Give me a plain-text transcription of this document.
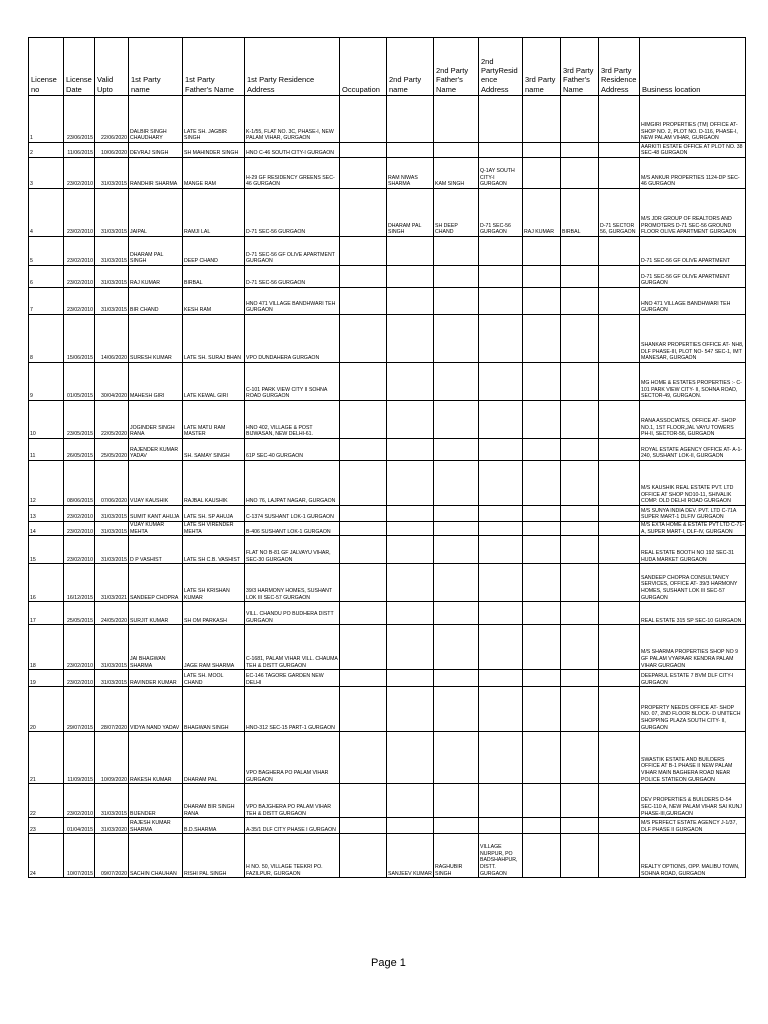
License no	License Date	Valid Upto	1st Party name	1st Party Father's Name	1st Party Residence Address	Occupation	2nd Party name	2nd Party Father's Name	2nd PartyResidence Address	3rd Party name	3rd Party Father's Name	3rd Party Residence Address	Business location
1	23/06/2015	22/06/2020	DALBIR SINGH CHAUDHARY	LATE SH. JAGBIR SINGH	K-1/55, FLAT NO. 3C, PHASE-I, NEW PALAM VIHAR, GURGAON								HIMGIRI PROPERTIES (TM) OFFICE AT- SHOP NO. 2, PLOT NO. D-116, PHASE-I, NEW PALAM VIHAR, GURGAON
2	11/06/2015	10/06/2020	DEVRAJ SINGH	SH MAHINDER SINGH	HNO C-46 SOUTH CITY-I GURGAON								AARKITI ESTATE OFFICE AT PLOT NO. 38 SEC-48 GURGAON
3	23/02/2010	31/03/2015	RANDHIR SHARMA	MANGE RAM	H-29 GF RESIDENCY GREENS SEC-46 GURGAON		RAM NIWAS SHARMA	KAM SINGH	Q-1AY SOUTH CITY-I GURGAON				M/S ANKUR PROPERTIES 1124-DP SEC-46 GURGAON
4	23/02/2010	31/03/2015	JAIPAL	RAMJI LAL	D-71 SEC-56 GURGAON		DHARAM PAL SINGH	SH DEEP CHAND	D-71 SEC-56 GURGAON	RAJ KUMAR	BIRBAL	D-71 SECTOR 56, GURGAON	M/S JDR GROUP OF REALTORS AND PROMOTERS D-71 SEC-56 GROUND FLOOR OLIVE APARTMENT GURGAON
5	23/02/2010	31/03/2015	DHARAM PAL SINGH	DEEP CHAND	D-71 SEC-56 GF OLIVE APARTMENT GURGAON								D-71 SEC-56 GF OLIVE APARTMENT
6	23/02/2010	31/03/2015	RAJ KUMAR	BIRBAL	D-71 SEC-56 GURGAON								D-71 SEC-56 GF OLIVE APARTMENT GURGAON
7	23/02/2010	31/03/2015	BIR CHAND	KESH RAM	HNO 471 VILLAGE BANDHWARI TEH GURGAON								HNO 471 VILLAGE BANDHWARI TEH GURGAON
8	15/06/2015	14/06/2020	SURESH KUMAR	LATE SH. SURAJ BHAN	VPO DUNDAHERA GURGAON								SHANKAR PROPERTIES OFFICE AT- NH8, DLF PHASE-III, PLOT NO- 547 SEC-1, IMT MANESAR, GURGAON
9	01/05/2015	30/04/2020	MAHESH GIRI	LATE KEWAL GIRI	C-101 PARK VIEW CITY II SOHNA ROAD GURGAON								MG HOME & ESTATES PROPERTIES :- C-101 PARK VIEW CITY- II, SOHNA ROAD, SECTOR-49, GURGAON.
10	23/05/2015	22/05/2020	JOGINDER SINGH RANA	LATE MATU RAM MASTER	HNO 402, VILLAGE & POST BIJWASAN, NEW DELHI-61.								RANA ASSOCIATES, OFFICE AT- SHOP NO.1, 1ST FLOOR,JAL VAYU TOWERS PH-II, SECTOR-56, GURGAON
11	26/05/2015	25/05/2020	RAJENDER KUMAR YADAV	SH. SAMAY SINGH	61P SEC-40 GURGAON								ROYAL ESTATE AGENCY OFFICE AT- A-1-240, SUSHANT LOK-II, GURGAON
12	08/06/2015	07/06/2020	VIJAY KAUSHIK	RAJBAL KAUSHIK	HNO 76, LAJPAT NAGAR, GURGAON								M/S KAUSHIK REAL ESTATE PVT. LTD OFFICE AT SHOP NO10-11, SHIVALIK COMP. OLD DELHI ROAD GURGAON
13	23/02/2010	31/03/2015	SUMIT KANT AHUJA	LATE SH. SP AHUJA	C-1374 SUSHANT LOK-1 GURGAON								M/S SUNYA INDIA DEV. PVT. LTD C-71A SUPER MART-1 DLFIV GURGAON
14	23/02/2010	31/03/2015	VIJAY KUMAR MEHTA	LATE SH VIRENDER MEHTA	B-406 SUSHANT LOK-1 GURGAON								M/S EXTA HOME & ESTATE PVT LTD C-71-A, SUPER MART-I, DLF-IV, GURGAON
15	23/02/2010	31/03/2015	D P VASHIST	LATE SH C.B. VASHIST	FLAT NO B-81 GF JALVAYU VIHAR, SEC-30 GURGAON								REAL ESTATE BOOTH NO 192 SEC-31 HUDA MARKET GURGAON
16	16/12/2015	31/03/2021	SANDEEP CHOPRA	LATE SH KRISHAN KUMAR	39/3 HARMONY HOMES, SUSHANT LOK III SEC-57 GURGAON								SANDEEP CHOPRA CONSULTANCY SERVICES, OFFICE AT- 39/3 HARMONY HOMES, SUSHANT LOK III SEC-57 GURGAON
17	25/05/2015	24/05/2020	SURJIT KUMAR	SH OM PARKASH	VILL. CHANDU PO BUDHERA DISTT GURGAON								REAL ESTATE 315 SP SEC-10 GURGAON
18	23/02/2010	31/03/2015	JAI BHAGWAN SHARMA	JAGE RAM SHARMA	C-1681, PALAM VIHAR VILL. CHAUMA TEH & DISTT GURGAON								M/S SHARMA PROPERTIES SHOP NO 9 GF PALAM VYAPAAR KENDRA PALAM VIHAR GURGAON
19	23/02/2010	31/03/2015	RAVINDER KUMAR	LATE SH. MOOL CHAND	EC-146 TAGORE GARDEN NEW DELHI								DEEPARUL ESTATE 7 BVM DLF CITY-I GURGAON
20	29/07/2015	28/07/2020	VIDYA NAND YADAV	BHAGWAN SINGH	HNO-312 SEC-15 PART-1 GURGAON								PROPERTY NEEDS OFFICE AT- SHOP NO. 07, 2ND FLOOR BLOCK- D UNITECH SHOPPING PLAZA SOUTH CITY- II, GURGAON
21	11/09/2015	10/09/2020	RAKESH KUMAR	DHARAM PAL	VPO BAGHERA PO PALAM VIHAR GURGAON								SWASTIK ESTATE AND BUILDERS OFFICE AT B-1 PHASE II NEW PALAM VIHAR MAIN BAGHERA ROAD NEAR POLICE STATIEON GURGAON
22	23/02/2010	31/03/2015	BIJENDER	DHARAM BIR SINGH RANA	VPO BAJGHERA PO PALAM VIHAR TEH & DISTT GURGAON								DEV PROPERTIES & BUILDERS D-54 SEC-110 A, NEW PALAM VIHAR SAI KUNJ PHASE-III,GURGAON
23	01/04/2015	31/03/2020	RAJESH KUMAR SHARMA	B.D.SHARMA	A-35/1 DLF CITY PHASE I GURGAON								M/S PERFECT ESTATE AGENCY J-1/37, DLF PHASE II GURGAON
24	10/07/2015	09/07/2020	SACHIN CHAUHAN	RISHI PAL SINGH	H NO. 50, VILLAGE TEEKRI PO. FAZILPUR, GURGAON		SANJEEV KUMAR	RAGHUBIR SINGH	VILLAGE NURPUR, PO BADSHAHPUR, DISTT. GURGAON				REALTY OPTIONS, OPP. MALIBU TOWN, SOHNA ROAD, GURGAON
Page 1
